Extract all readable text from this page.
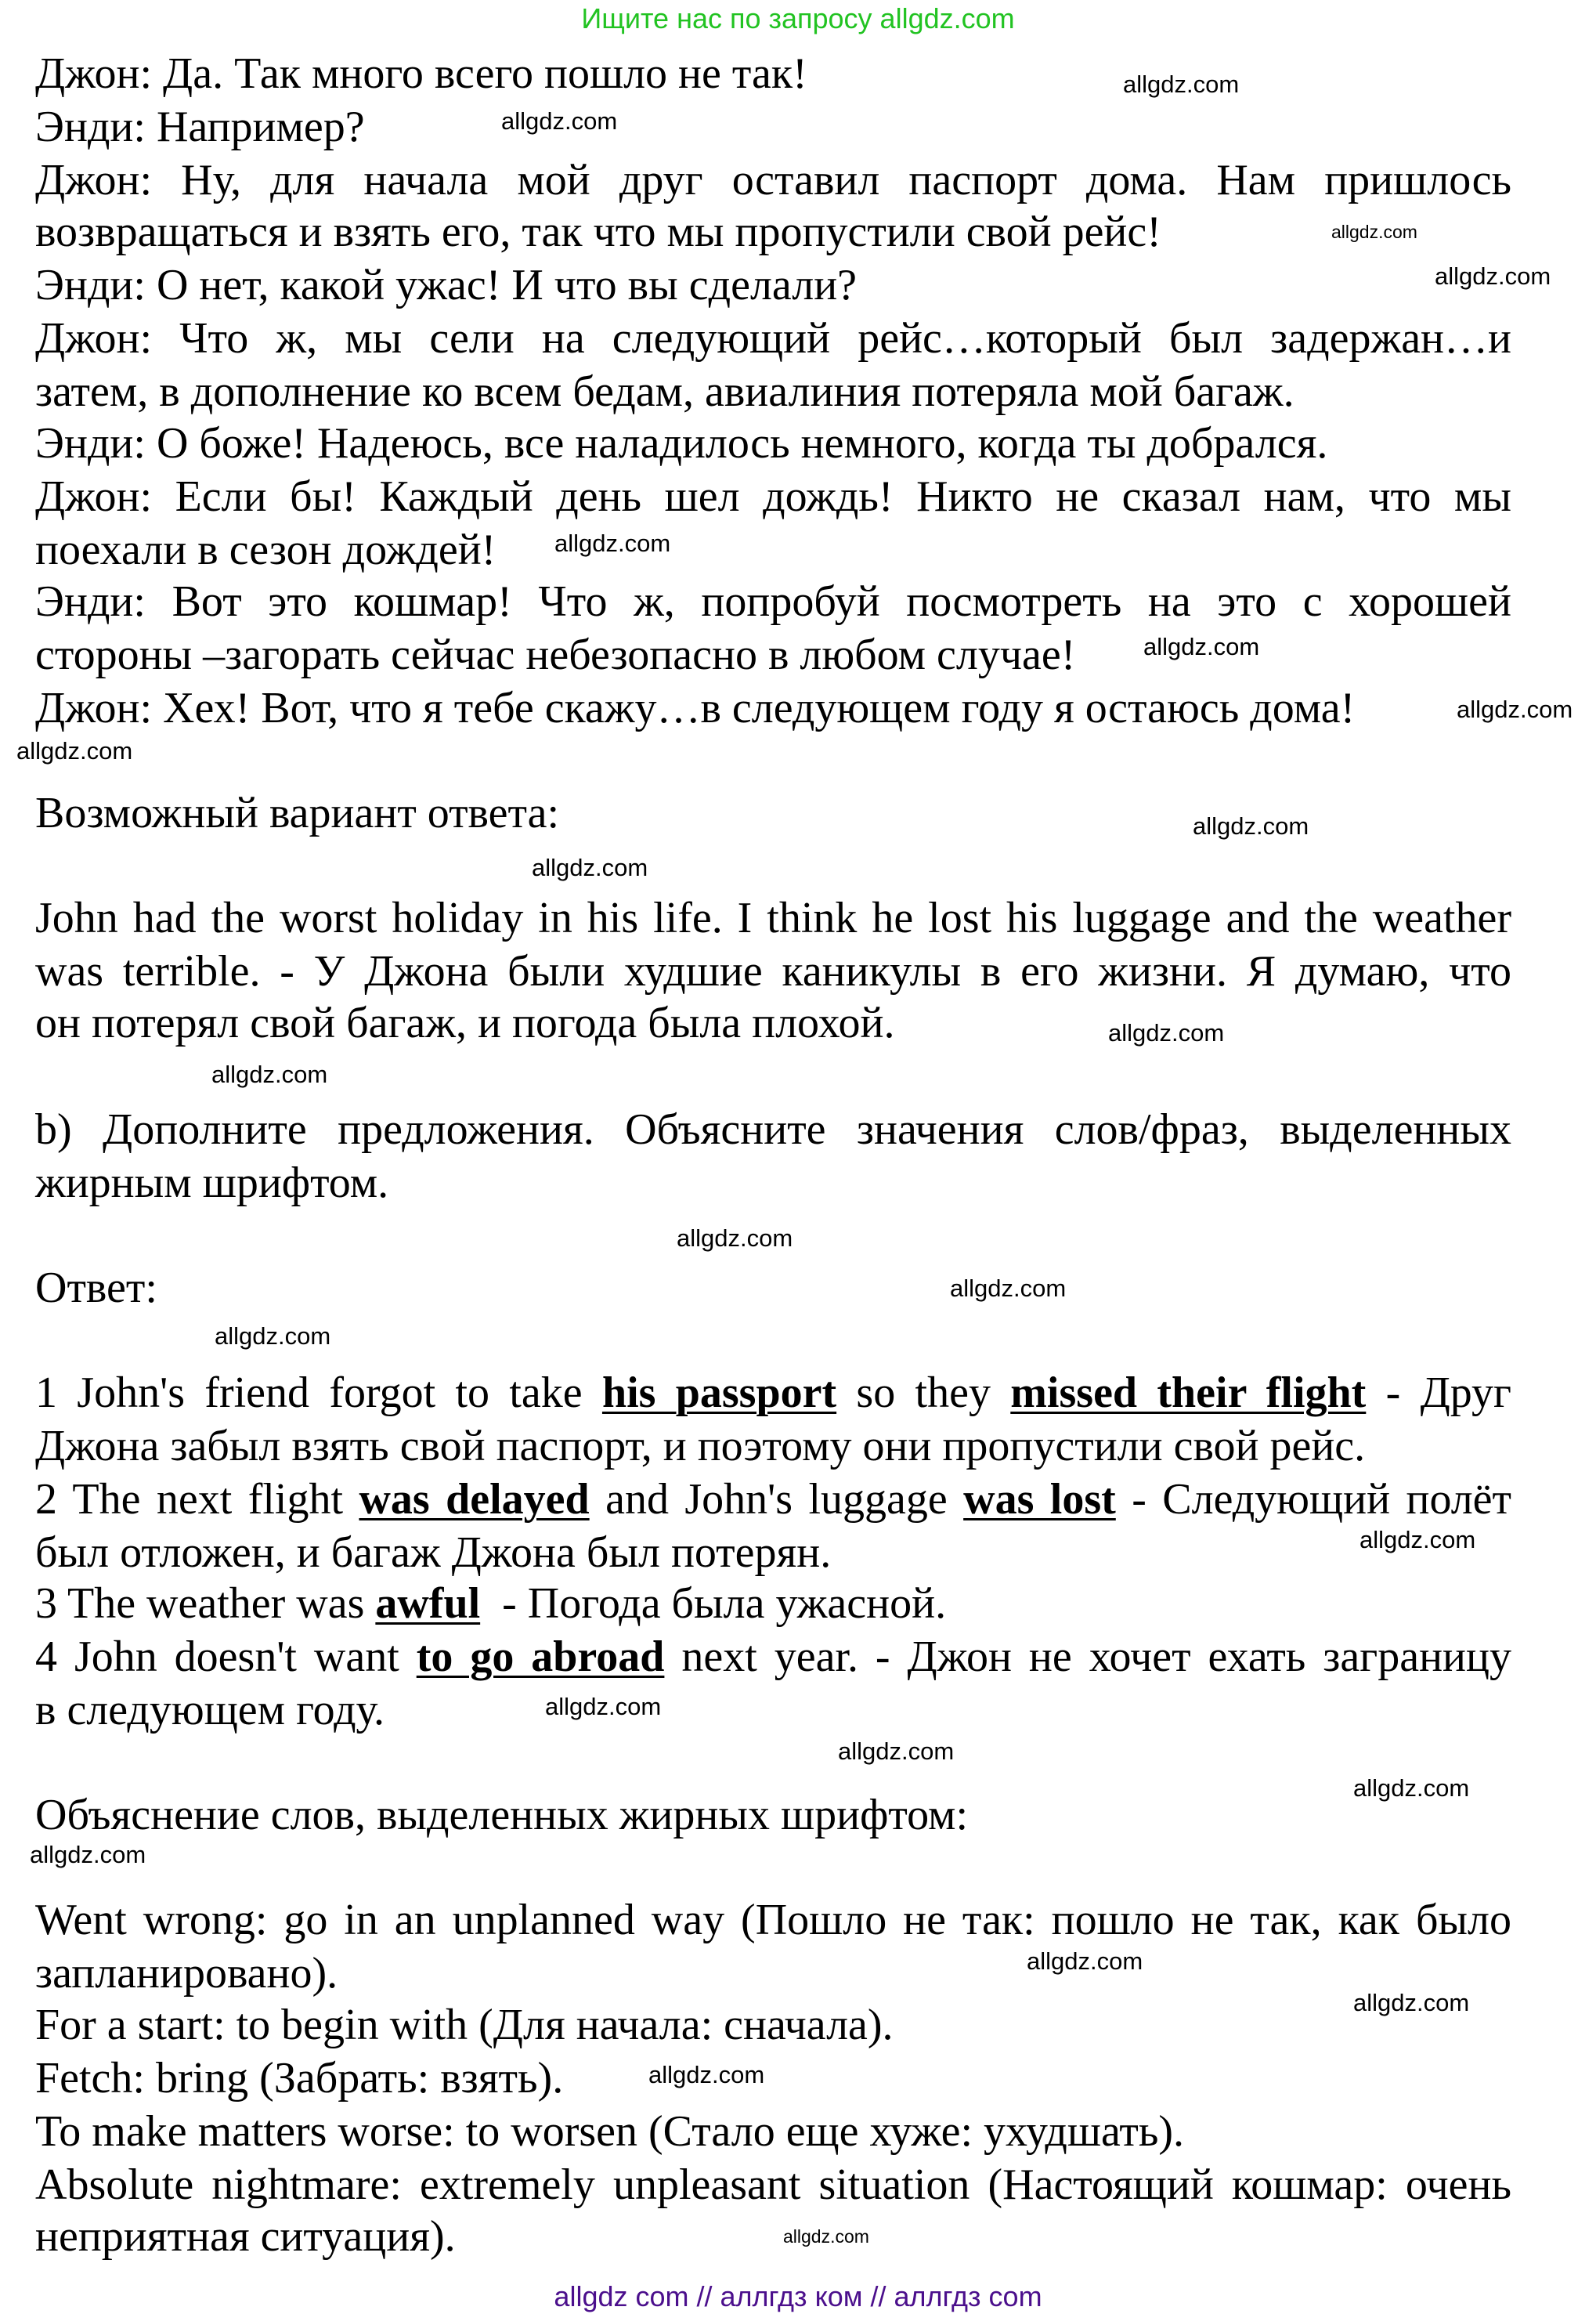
Ищите нас по запросу allgdz.com
Джон: Да. Так много всего пошло не так!
Энди: Например?
Джон: Ну, для начала мой друг оставил паспорт дома. Нам пришлось
возвращаться и взять его, так что мы пропустили свой рейс!
Энди: О нет, какой ужас! И что вы сделали?
Джон: Что ж, мы сели на следующий рейс…который был задержан…и
затем, в дополнение ко всем бедам, авиалиния потеряла мой багаж.
Энди: О боже! Надеюсь, все наладилось немного, когда ты добрался.
Джон: Если бы! Каждый день шел дождь! Никто не сказал нам, что мы
поехали в сезон дождей!
Энди: Вот это кошмар! Что ж, попробуй посмотреть на это с хорошей
стороны –загорать сейчас небезопасно в любом случае!
Джон: Хех! Вот, что я тебе скажу…в следующем году я остаюсь дома!
Возможный вариант ответа:
John had the worst holiday in his life. I think he lost his luggage and the weather
was terrible. - У Джона были худшие каникулы в его жизни. Я думаю, что
он потерял свой багаж, и погода была плохой.
b) Дополните предложения. Объясните значения слов/фраз, выделенных
жирным шрифтом.
Ответ:
1 John's friend forgot to take his passport so they missed their flight - Друг
Джона забыл взять свой паспорт, и поэтому они пропустили свой рейс.
2 The next flight was delayed and John's luggage was lost - Следующий полёт
был отложен, и багаж Джона был потерян.
3 The weather was awful  - Погода была ужасной.
4 John doesn't want to go abroad next year. - Джон не хочет ехать заграницу
в следующем году.
Объяснение слов, выделенных жирных шрифтом:
Went wrong: go in an unplanned way (Пошло не так: пошло не так, как было
запланировано).
For a start: to begin with (Для начала: сначала).
Fetch: bring (Забрать: взять).
To make matters worse: to worsen (Стало еще хуже: ухудшать).
Absolute nightmare: extremely unpleasant situation (Настоящий кошмар: очень
неприятная ситуация).
allgdz.com
allgdz.com
allgdz.com
allgdz.com
allgdz.com
allgdz.com
allgdz.com
allgdz.com
allgdz.com
allgdz.com
allgdz.com
allgdz.com
allgdz.com
allgdz.com
allgdz.com
allgdz.com
allgdz.com
allgdz.com
allgdz.com
allgdz.com
allgdz.com
allgdz.com
allgdz.com
allgdz.com
allgdz com // аллгдз ком // аллгдз com
